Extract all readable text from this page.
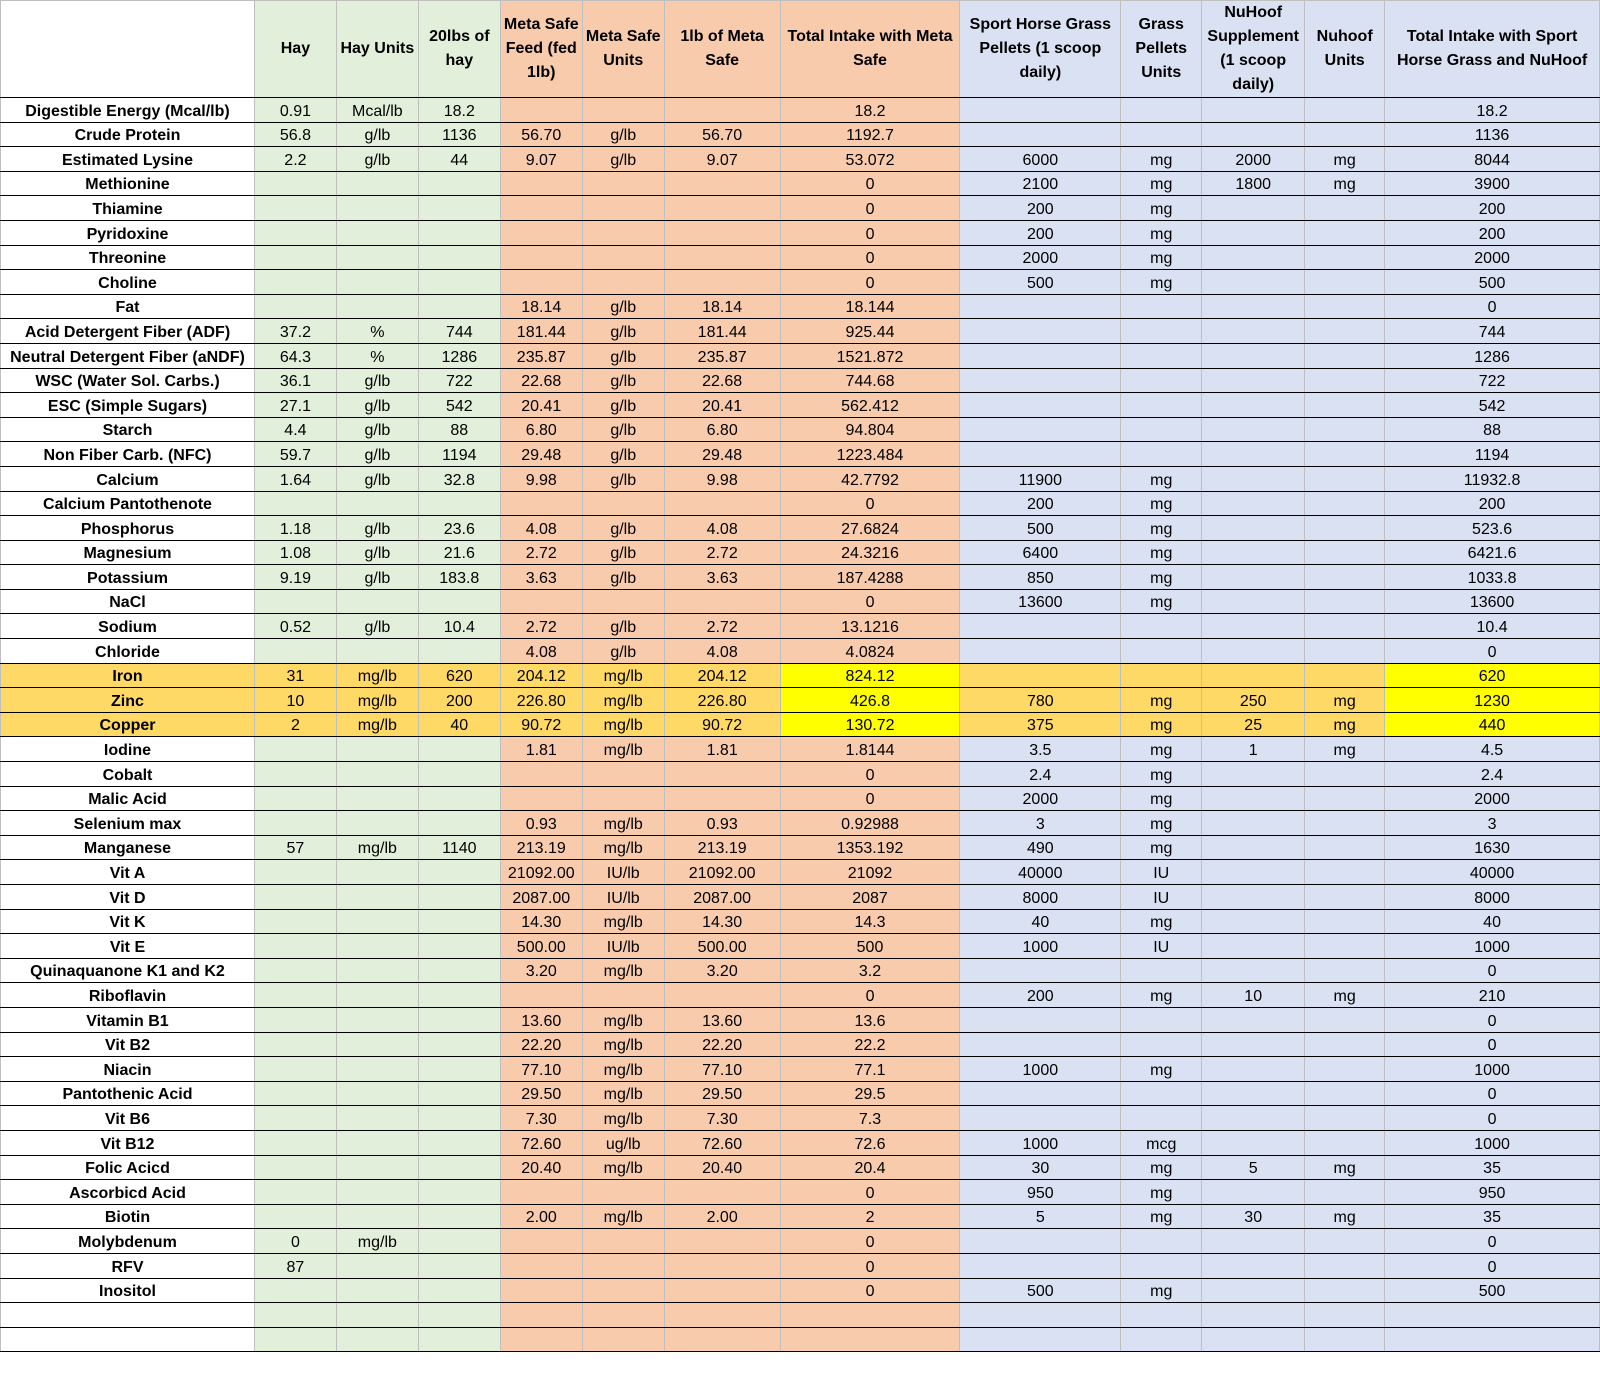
	Hay	Hay Units	20lbs of hay	Meta Safe Feed (fed 1lb)	Meta Safe Units	1lb of Meta Safe	Total Intake with Meta Safe	Sport Horse Grass Pellets (1 scoop daily)	Grass Pellets Units	NuHoof Supplement (1 scoop daily)	Nuhoof Units	Total Intake with Sport Horse Grass and NuHoof
Digestible Energy (Mcal/lb)	0.91	Mcal/lb	18.2				18.2					18.2
Crude Protein	56.8	g/lb	1136	56.70	g/lb	56.70	1192.7					1136
Estimated Lysine	2.2	g/lb	44	9.07	g/lb	9.07	53.072	6000	mg	2000	mg	8044
Methionine							0	2100	mg	1800	mg	3900
Thiamine							0	200	mg			200
Pyridoxine							0	200	mg			200
Threonine							0	2000	mg			2000
Choline							0	500	mg			500
Fat				18.14	g/lb	18.14	18.144					0
Acid Detergent Fiber (ADF)	37.2	%	744	181.44	g/lb	181.44	925.44					744
Neutral Detergent Fiber (aNDF)	64.3	%	1286	235.87	g/lb	235.87	1521.872					1286
WSC (Water Sol. Carbs.)	36.1	g/lb	722	22.68	g/lb	22.68	744.68					722
ESC (Simple Sugars)	27.1	g/lb	542	20.41	g/lb	20.41	562.412					542
Starch	4.4	g/lb	88	6.80	g/lb	6.80	94.804					88
Non Fiber Carb. (NFC)	59.7	g/lb	1194	29.48	g/lb	29.48	1223.484					1194
Calcium	1.64	g/lb	32.8	9.98	g/lb	9.98	42.7792	11900	mg			11932.8
Calcium Pantothenote							0	200	mg			200
Phosphorus	1.18	g/lb	23.6	4.08	g/lb	4.08	27.6824	500	mg			523.6
Magnesium	1.08	g/lb	21.6	2.72	g/lb	2.72	24.3216	6400	mg			6421.6
Potassium	9.19	g/lb	183.8	3.63	g/lb	3.63	187.4288	850	mg			1033.8
NaCl							0	13600	mg			13600
Sodium	0.52	g/lb	10.4	2.72	g/lb	2.72	13.1216					10.4
Chloride				4.08	g/lb	4.08	4.0824					0
Iron	31	mg/lb	620	204.12	mg/lb	204.12	824.12					620
Zinc	10	mg/lb	200	226.80	mg/lb	226.80	426.8	780	mg	250	mg	1230
Copper	2	mg/lb	40	90.72	mg/lb	90.72	130.72	375	mg	25	mg	440
Iodine				1.81	mg/lb	1.81	1.8144	3.5	mg	1	mg	4.5
Cobalt							0	2.4	mg			2.4
Malic Acid							0	2000	mg			2000
Selenium max				0.93	mg/lb	0.93	0.92988	3	mg			3
Manganese	57	mg/lb	1140	213.19	mg/lb	213.19	1353.192	490	mg			1630
Vit A				21092.00	IU/lb	21092.00	21092	40000	IU			40000
Vit D				2087.00	IU/lb	2087.00	2087	8000	IU			8000
Vit K				14.30	mg/lb	14.30	14.3	40	mg			40
Vit E				500.00	IU/lb	500.00	500	1000	IU			1000
Quinaquanone K1 and K2				3.20	mg/lb	3.20	3.2					0
Riboflavin							0	200	mg	10	mg	210
Vitamin B1				13.60	mg/lb	13.60	13.6					0
Vit B2				22.20	mg/lb	22.20	22.2					0
Niacin				77.10	mg/lb	77.10	77.1	1000	mg			1000
Pantothenic Acid				29.50	mg/lb	29.50	29.5					0
Vit B6				7.30	mg/lb	7.30	7.3					0
Vit B12				72.60	ug/lb	72.60	72.6	1000	mcg			1000
Folic Acicd				20.40	mg/lb	20.40	20.4	30	mg	5	mg	35
Ascorbicd Acid							0	950	mg			950
Biotin				2.00	mg/lb	2.00	2	5	mg	30	mg	35
Molybdenum	0	mg/lb					0					0
RFV	87						0					0
Inositol							0	500	mg			500
